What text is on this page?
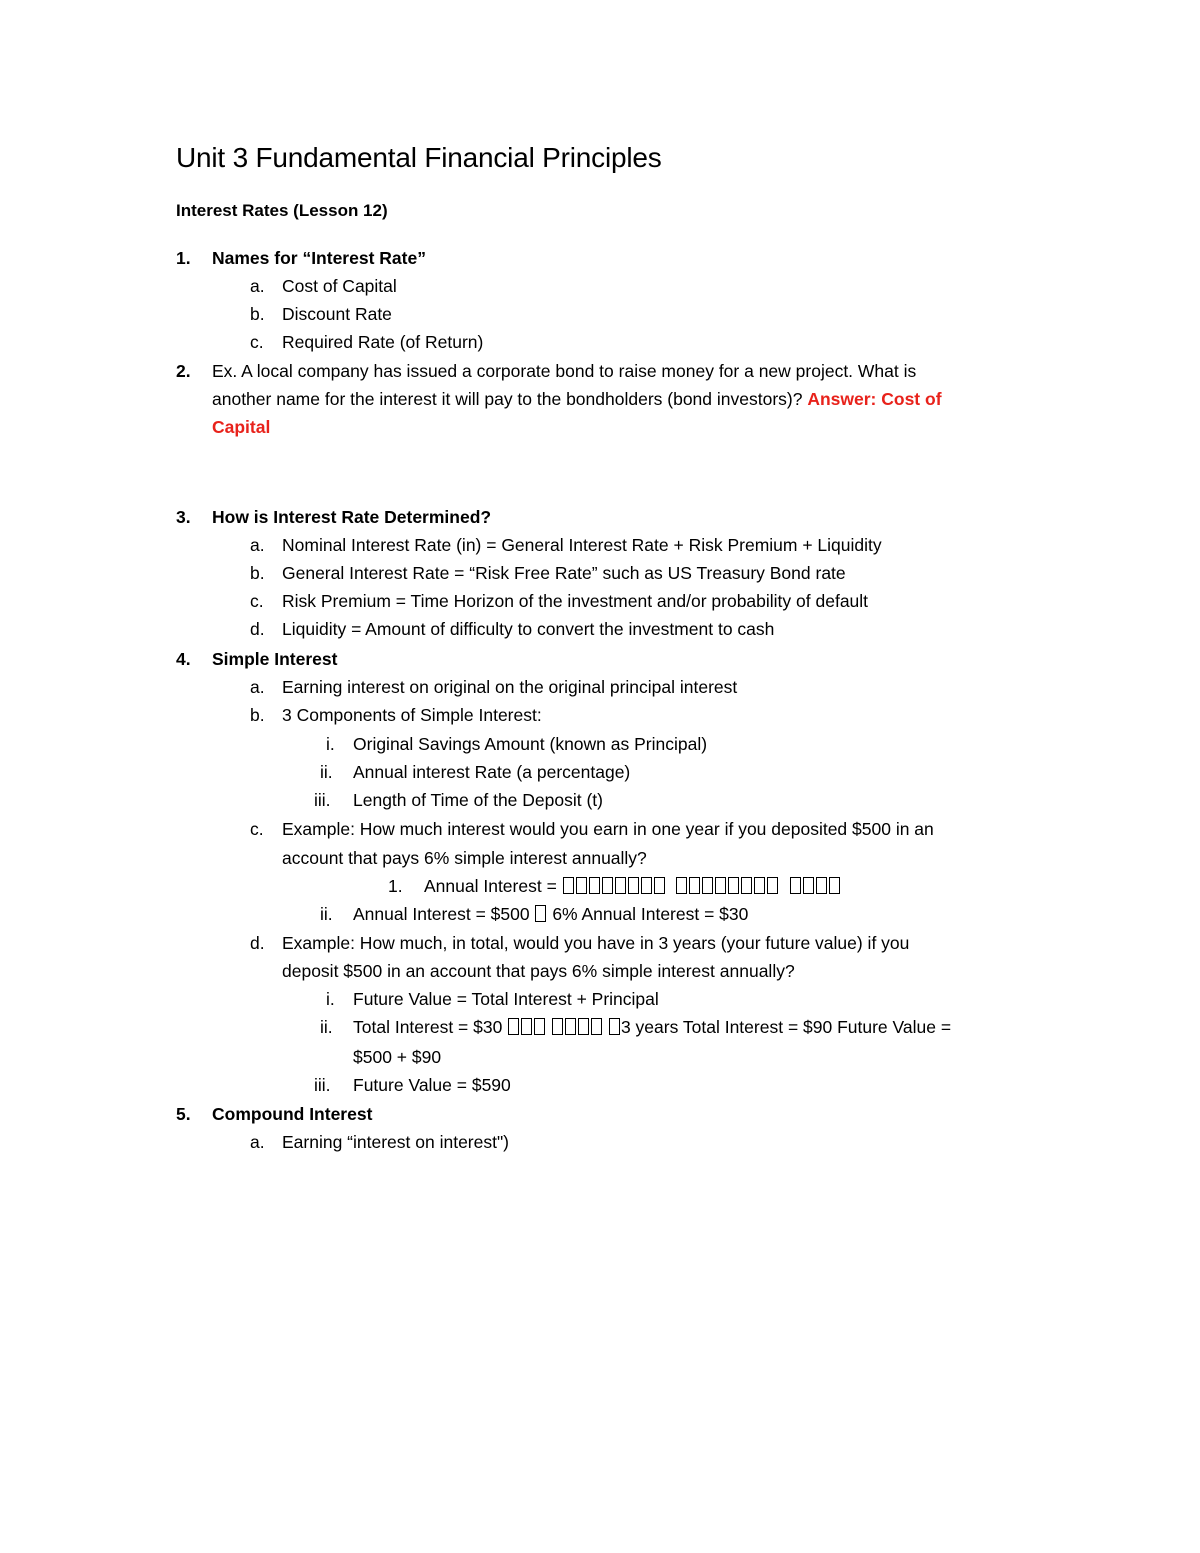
Unit 3 Fundamental Financial Principles
Interest Rates (Lesson 12)
1. Names for “Interest Rate”
a. Cost of Capital
b. Discount Rate
c. Required Rate (of Return)
2. Ex. A local company has issued a corporate bond to raise money for a new project. What is
another name for the interest it will pay to the bondholders (bond investors)? Answer: Cost of
Capital
3. How is Interest Rate Determined?
a. Nominal Interest Rate (in) = General Interest Rate + Risk Premium + Liquidity
b. General Interest Rate = “Risk Free Rate” such as US Treasury Bond rate
c. Risk Premium = Time Horizon of the investment and/or probability of default
d. Liquidity = Amount of difficulty to convert the investment to cash
4. Simple Interest
a. Earning interest on original on the original principal interest
b. 3 Components of Simple Interest:
i. Original Savings Amount (known as Principal)
ii. Annual interest Rate (a percentage)
iii. Length of Time of the Deposit (t)
c. Example: How much interest would you earn in one year if you deposited $500 in an
account that pays 6% simple interest annually?
1. Annual Interest =
ii. Annual Interest = $500  6% Annual Interest = $30
d. Example: How much, in total, would you have in 3 years (your future value) if you
deposit $500 in an account that pays 6% simple interest annually?
i. Future Value = Total Interest + Principal
ii. Total Interest = $30	3 years Total Interest = $90 Future Value =
$500 + $90
iii. Future Value = $590
5. Compound Interest
a. Earning “interest on interest")
